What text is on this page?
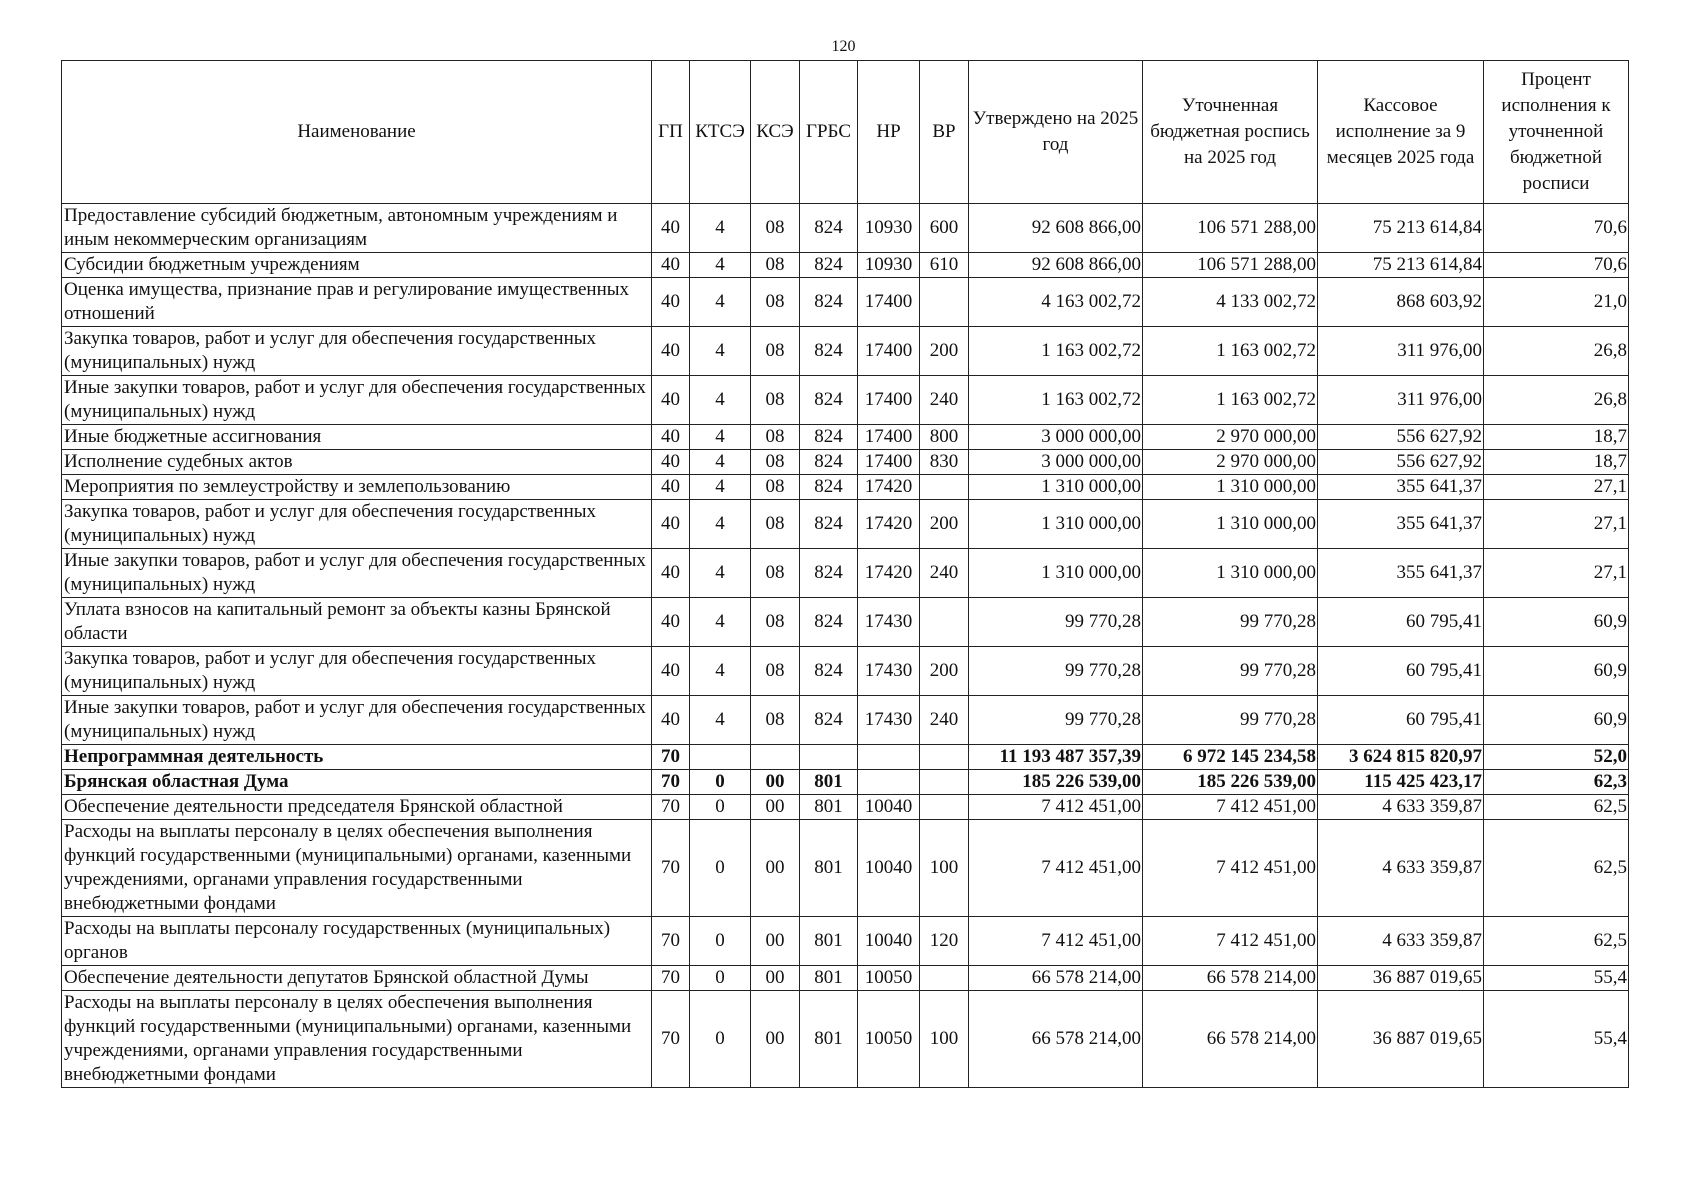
120
Наименование	ГП	КТСЭ	КСЭ	ГРБС	НР	ВР	Утверждено на 2025 год	Уточненная бюджетная роспись на 2025 год	Кассовое исполнение за 9 месяцев 2025 года	Процент исполнения к уточненной бюджетной росписи
Предоставление субсидий бюджетным, автономным учреждениям и иным некоммерческим организациям	40	4	08	824	10930	600	92 608 866,00	106 571 288,00	75 213 614,84	70,6
Субсидии бюджетным учреждениям	40	4	08	824	10930	610	92 608 866,00	106 571 288,00	75 213 614,84	70,6
Оценка имущества, признание прав и регулирование имущественных отношений	40	4	08	824	17400		4 163 002,72	4 133 002,72	868 603,92	21,0
Закупка товаров, работ и услуг для обеспечения государственных (муниципальных) нужд	40	4	08	824	17400	200	1 163 002,72	1 163 002,72	311 976,00	26,8
Иные закупки товаров, работ и услуг для обеспечения государственных (муниципальных) нужд	40	4	08	824	17400	240	1 163 002,72	1 163 002,72	311 976,00	26,8
Иные бюджетные ассигнования	40	4	08	824	17400	800	3 000 000,00	2 970 000,00	556 627,92	18,7
Исполнение судебных актов	40	4	08	824	17400	830	3 000 000,00	2 970 000,00	556 627,92	18,7
Мероприятия по землеустройству и землепользованию	40	4	08	824	17420		1 310 000,00	1 310 000,00	355 641,37	27,1
Закупка товаров, работ и услуг для обеспечения государственных (муниципальных) нужд	40	4	08	824	17420	200	1 310 000,00	1 310 000,00	355 641,37	27,1
Иные закупки товаров, работ и услуг для обеспечения государственных (муниципальных) нужд	40	4	08	824	17420	240	1 310 000,00	1 310 000,00	355 641,37	27,1
Уплата взносов на капитальный ремонт за объекты казны Брянской области	40	4	08	824	17430		99 770,28	99 770,28	60 795,41	60,9
Закупка товаров, работ и услуг для обеспечения государственных (муниципальных) нужд	40	4	08	824	17430	200	99 770,28	99 770,28	60 795,41	60,9
Иные закупки товаров, работ и услуг для обеспечения государственных (муниципальных) нужд	40	4	08	824	17430	240	99 770,28	99 770,28	60 795,41	60,9
Непрограммная деятельность	70						11 193 487 357,39	6 972 145 234,58	3 624 815 820,97	52,0
Брянская областная Дума	70	0	00	801			185 226 539,00	185 226 539,00	115 425 423,17	62,3
Обеспечение деятельности председателя Брянской областной	70	0	00	801	10040		7 412 451,00	7 412 451,00	4 633 359,87	62,5
Расходы на выплаты персоналу в целях обеспечения выполнения функций государственными (муниципальными) органами, казенными учреждениями, органами управления государственными внебюджетными фондами	70	0	00	801	10040	100	7 412 451,00	7 412 451,00	4 633 359,87	62,5
Расходы на выплаты персоналу государственных (муниципальных) органов	70	0	00	801	10040	120	7 412 451,00	7 412 451,00	4 633 359,87	62,5
Обеспечение деятельности депутатов Брянской областной Думы	70	0	00	801	10050		66 578 214,00	66 578 214,00	36 887 019,65	55,4
Расходы на выплаты персоналу в целях обеспечения выполнения функций государственными (муниципальными) органами, казенными учреждениями, органами управления государственными внебюджетными фондами	70	0	00	801	10050	100	66 578 214,00	66 578 214,00	36 887 019,65	55,4
